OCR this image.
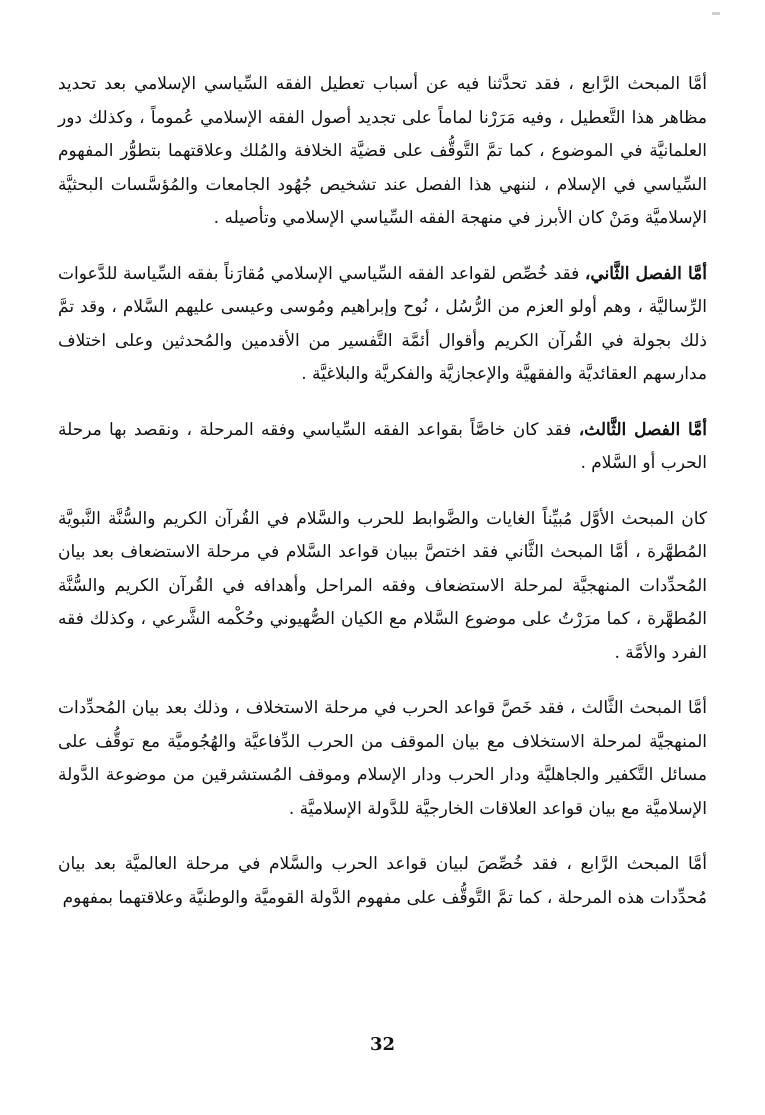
أمَّا المبحث الرَّابع ، فقد تحدَّثنا فيه عن أسباب تعطيل الفقه السِّياسي الإسلامي بعد تحديد مظاهر هذا التَّعطيل ، وفيه مَرَرْنا لماماً على تجديد أصول الفقه الإسلامي عُموماً ، وكذلك دور العلمانيَّة في الموضوع ، كما تمَّ التَّوقُّف على قضيَّة الخلافة والمُلك وعلاقتهما بتطوُّر المفهوم السِّياسي في الإسلام ، لننهي هذا الفصل عند تشخيص جُهُود الجامعات والمُؤسَّسات البحثيَّة الإسلاميَّة ومَنْ كان الأبرز في منهجة الفقه السِّياسي الإسلامي وتأصيله .

أمَّا الفصل الثَّاني، فقد خُصِّص لقواعد الفقه السِّياسي الإسلامي مُقارَناً بفقه السِّياسة للدَّعوات الرِّساليَّة ، وهم أولو العزم من الرُّسُل ، نُوح وإبراهيم ومُوسى وعيسى عليهم السَّلام ، وقد تمَّ ذلك بجولة في القُرآن الكريم وأقوال أئمَّة التَّفسير من الأقدمين والمُحدثين وعلى اختلاف مدارسهم العقائديَّة والفقهيَّة والإعجازيَّة والفكريَّة والبلاغيَّة .

أمَّا الفصل الثَّالث، فقد كان خاصَّاً بقواعد الفقه السِّياسي وفقه المرحلة ، ونقصد بها مرحلة الحرب أو السَّلام .

كان المبحث الأوَّل مُبيِّناً الغايات والضَّوابط للحرب والسَّلام في القُرآن الكريم والسُّنَّة النَّبويَّة المُطهَّرة ، أمَّا المبحث الثَّاني فقد اختصَّ ببيان قواعد السَّلام في مرحلة الاستضعاف بعد بيان المُحدِّدات المنهجيَّة لمرحلة الاستضعاف وفقه المراحل وأهدافه في القُرآن الكريم والسُّنَّة المُطهَّرة ، كما مرَرْتُ على موضوع السَّلام مع الكيان الصُّهيوني وحُكْمه الشَّرعي ، وكذلك فقه الفرد والأمَّة .

أمَّا المبحث الثَّالث ، فقد خَصَّ قواعد الحرب في مرحلة الاستخلاف ، وذلك بعد بيان المُحدِّدات المنهجيَّة لمرحلة الاستخلاف مع بيان الموقف من الحرب الدِّفاعيَّة والهُجُوميَّة مع توقُّف على مسائل التَّكفير والجاهليَّة ودار الحرب ودار الإسلام وموقف المُستشرقين من موضوعة الدَّولة الإسلاميَّة مع بيان قواعد العلاقات الخارجيَّة للدَّولة الإسلاميَّة .

أمَّا المبحث الرَّابع ، فقد خُصِّصَ لبيان قواعد الحرب والسَّلام في مرحلة العالميَّة بعد بيان مُحدِّدات هذه المرحلة ، كما تمَّ التَّوقُّف على مفهوم الدَّولة القوميَّة والوطنيَّة وعلاقتهما بمفهوم

32
